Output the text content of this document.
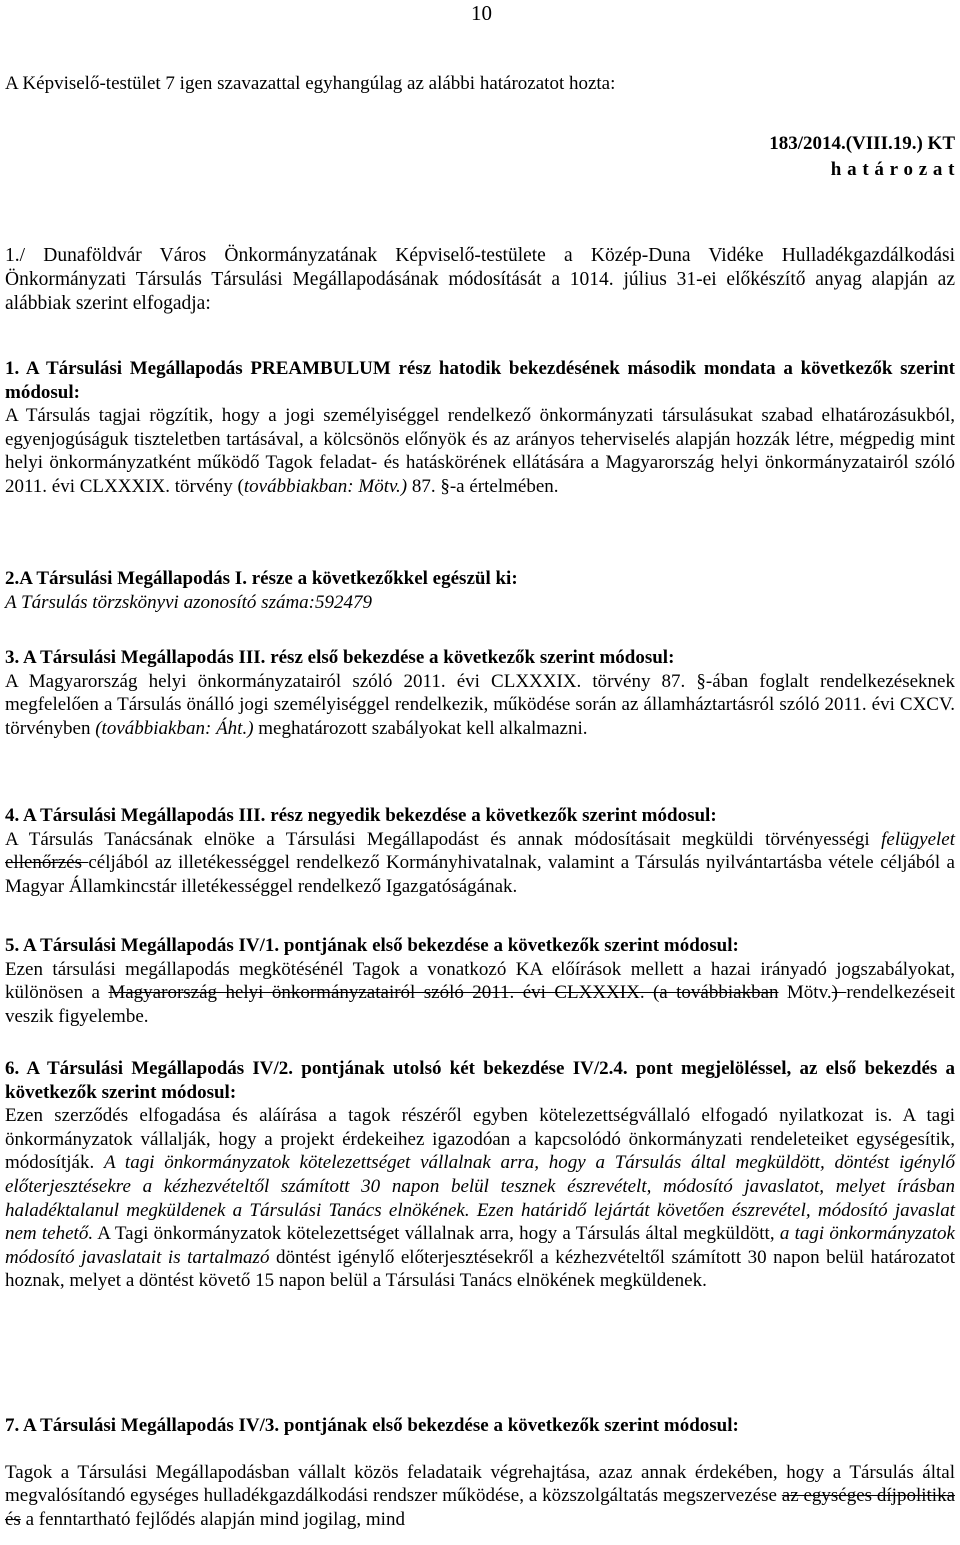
10

A Képviselő-testület 7 igen szavazattal egyhangúlag az alábbi határozatot hozta:

183/2014.(VIII.19.) KT

h a t á r o z a t

1./ Dunaföldvár Város Önkormányzatának Képviselő-testülete a Közép-Duna Vidéke Hulladékgazdálkodási Önkormányzati Társulás Társulási Megállapodásának módosítását a 1014. július 31-ei előkészítő anyag alapján az alábbiak szerint elfogadja:

1. A Társulási Megállapodás PREAMBULUM rész hatodik bekezdésének második mondata a következők szerint módosul:

A Társulás tagjai rögzítik, hogy a jogi személyiséggel rendelkező önkormányzati társulásukat szabad elhatározásukból, egyenjogúságuk tiszteletben tartásával, a kölcsönös előnyök és az arányos teherviselés alapján hozzák létre, mégpedig mint helyi önkormányzatként működő Tagok feladat- és hatáskörének ellátására a Magyarország helyi önkormányzatairól szóló 2011. évi CLXXXIX. törvény (továbbiakban: Mötv.) 87. §-a értelmében.

2.A Társulási Megállapodás I. része a következőkkel egészül ki:

A Társulás törzskönyvi azonosító száma:592479

3. A Társulási Megállapodás III. rész első bekezdése a következők szerint módosul:

A Magyarország helyi önkormányzatairól szóló 2011. évi CLXXXIX. törvény 87. §-ában foglalt rendelkezéseknek megfelelően a Társulás önálló jogi személyiséggel rendelkezik, működése során az államháztartásról szóló 2011. évi CXCV. törvényben (továbbiakban: Áht.) meghatározott szabályokat kell alkalmazni.

4. A Társulási Megállapodás III. rész negyedik bekezdése a következők szerint módosul:

A Társulás Tanácsának elnöke a Társulási Megállapodást és annak módosításait megküldi törvényességi felügyelet ellenőrzés céljából az illetékességgel rendelkező Kormányhivatalnak, valamint a Társulás nyilvántartásba vétele céljából a Magyar Államkincstár illetékességgel rendelkező Igazgatóságának.

5. A Társulási Megállapodás IV/1. pontjának első bekezdése a következők szerint módosul:

Ezen társulási megállapodás megkötésénél Tagok a vonatkozó KA előírások mellett a hazai irányadó jogszabályokat, különösen a Magyarország helyi önkormányzatairól szóló 2011. évi CLXXXIX. (a továbbiakban Mötv.) rendelkezéseit veszik figyelembe.

6. A Társulási Megállapodás IV/2. pontjának utolsó két bekezdése IV/2.4. pont megjelöléssel, az első bekezdés a következők szerint módosul:

Ezen szerződés elfogadása és aláírása a tagok részéről egyben kötelezettségvállaló elfogadó nyilatkozat is. A tagi önkormányzatok vállalják, hogy a projekt érdekeihez igazodóan a kapcsolódó önkormányzati rendeleteiket egységesítik, módosítják. A tagi önkormányzatok kötelezettséget vállalnak arra, hogy a Társulás által megküldött, döntést igénylő előterjesztésekre a kézhezvételtől számított 30 napon belül tesznek észrevételt, módosító javaslatot, melyet írásban haladéktalanul megküldenek a Társulási Tanács elnökének. Ezen határidő lejártát követően észrevétel, módosító javaslat nem tehető. A Tagi önkormányzatok kötelezettséget vállalnak arra, hogy a Társulás által megküldött, a tagi önkormányzatok módosító javaslatait is tartalmazó döntést igénylő előterjesztésekről a kézhezvételtől számított 30 napon belül határozatot hoznak, melyet a döntést követő 15 napon belül a Társulási Tanács elnökének megküldenek.

7. A Társulási Megállapodás IV/3. pontjának első bekezdése a következők szerint módosul:

Tagok a Társulási Megállapodásban vállalt közös feladataik végrehajtása, azaz annak érdekében, hogy a Társulás által megvalósítandó egységes hulladékgazdálkodási rendszer működése, a közszolgáltatás megszervezése az egységes díjpolitika és a fenntartható fejlődés alapján mind jogilag, mind
